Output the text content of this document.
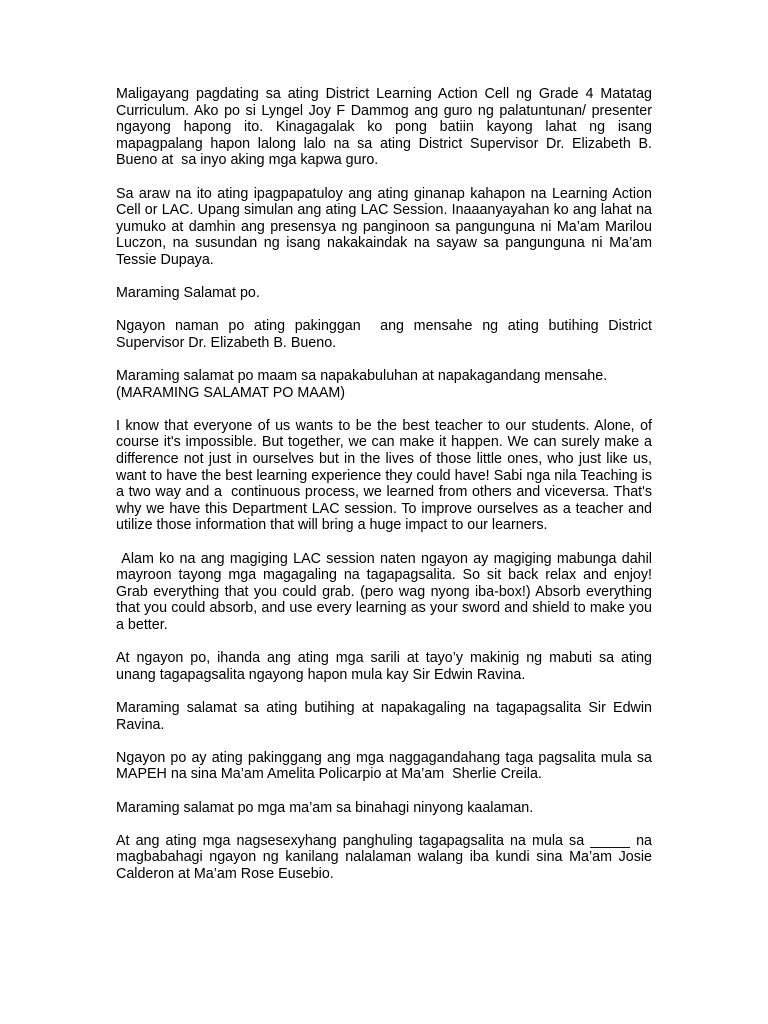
Maligayang pagdating sa ating District Learning Action Cell ng Grade 4 Matatag Curriculum. Ako po si Lyngel Joy F Dammog ang guro ng palatuntunan/ presenter ngayong hapong ito. Kinagagalak ko pong batiin kayong lahat ng isang mapagpalang hapon lalong lalo na sa ating District Supervisor Dr. Elizabeth B. Bueno at  sa inyo aking mga kapwa guro.

Sa araw na ito ating ipagpapatuloy ang ating ginanap kahapon na Learning Action Cell or LAC. Upang simulan ang ating LAC Session. Inaaanyayahan ko ang lahat na yumuko at damhin ang presensya ng panginoon sa pangunguna ni Ma’am Marilou Luczon, na susundan ng isang nakakaindak na sayaw sa pangunguna ni Ma’am Tessie Dupaya.

Maraming Salamat po.

Ngayon naman po ating pakinggan  ang mensahe ng ating butihing District Supervisor Dr. Elizabeth B. Bueno.

Maraming salamat po maam sa napakabuluhan at napakagandang mensahe.
(MARAMING SALAMAT PO MAAM)

I know that everyone of us wants to be the best teacher to our students. Alone, of course it's impossible. But together, we can make it happen. We can surely make a difference not just in ourselves but in the lives of those little ones, who just like us, want to have the best learning experience they could have! Sabi nga nila Teaching is a two way and a  continuous process, we learned from others and viceversa. That's why we have this Department LAC session. To improve ourselves as a teacher and utilize those information that will bring a huge impact to our learners.

Alam ko na ang magiging LAC session naten ngayon ay magiging mabunga dahil mayroon tayong mga magagaling na tagapagsalita. So sit back relax and enjoy! Grab everything that you could grab. (pero wag nyong iba-box!) Absorb everything that you could absorb, and use every learning as your sword and shield to make you a better.

At ngayon po, ihanda ang ating mga sarili at tayo’y makinig ng mabuti sa ating unang tagapagsalita ngayong hapon mula kay Sir Edwin Ravina.

Maraming salamat sa ating butihing at napakagaling na tagapagsalita Sir Edwin Ravina.

Ngayon po ay ating pakinggang ang mga naggagandahang taga pagsalita mula sa MAPEH na sina Ma’am Amelita Policarpio at Ma’am  Sherlie Creila.

Maraming salamat po mga ma’am sa binahagi ninyong kaalaman.

At ang ating mga nagsesexyhang panghuling tagapagsalita na mula sa _____ na magbabahagi ngayon ng kanilang nalalaman walang iba kundi sina Ma’am Josie Calderon at Ma’am Rose Eusebio.
